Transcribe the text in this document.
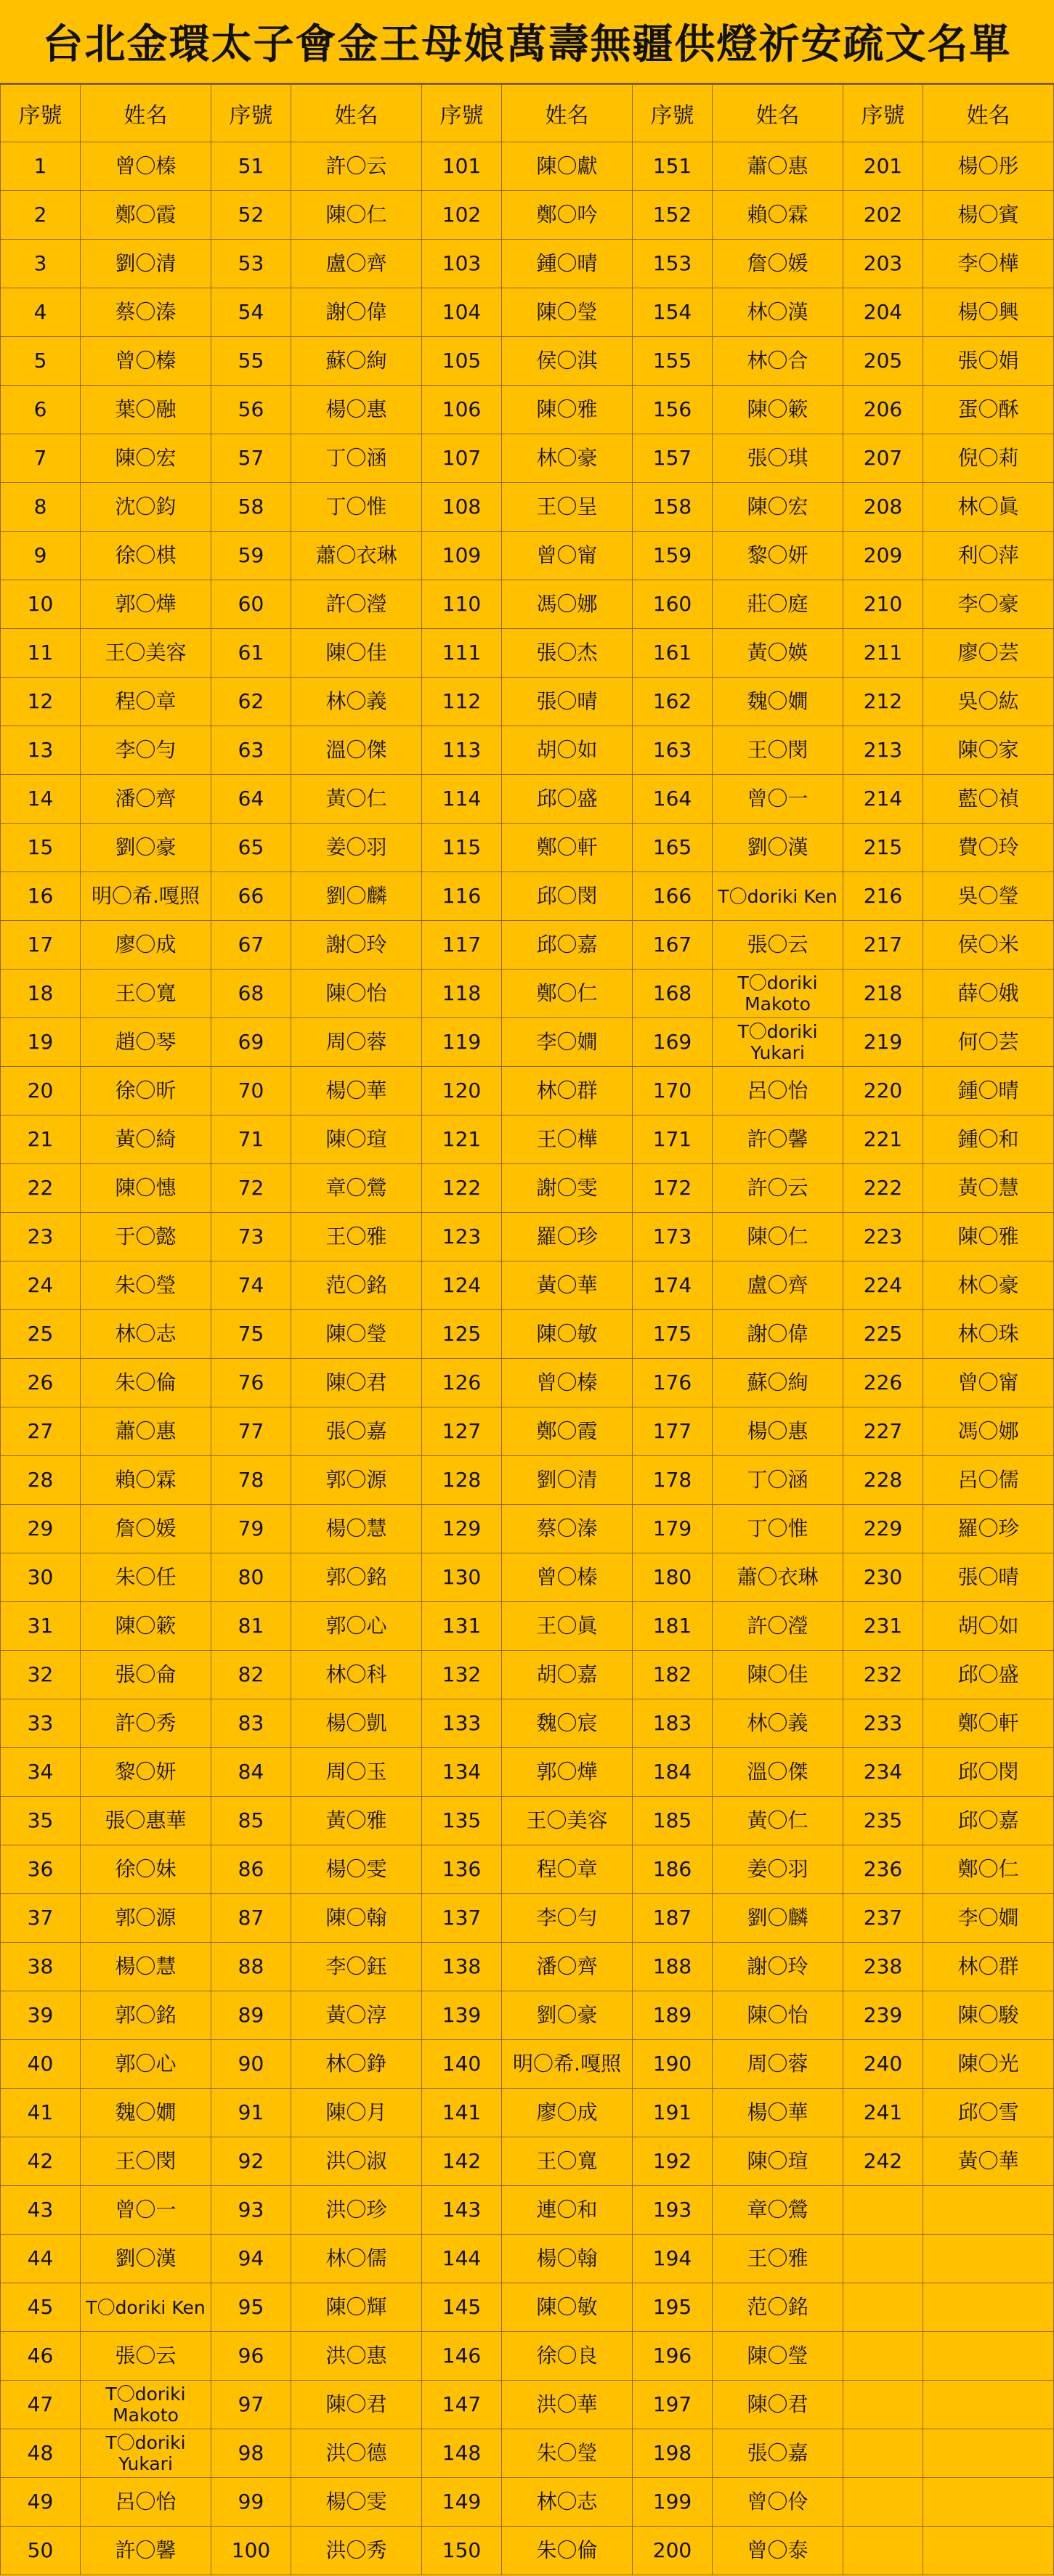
台北金環太子會金王母娘萬壽無疆供燈祈安疏文名單
序號	姓名	序號	姓名	序號	姓名	序號	姓名	序號	姓名
1	曾〇榛	51	許〇云	101	陳〇獻	151	蕭〇惠	201	楊〇彤
2	鄭〇霞	52	陳〇仁	102	鄭〇吟	152	賴〇霖	202	楊〇賓
3	劉〇清	53	盧〇齊	103	鍾〇晴	153	詹〇媛	203	李〇樺
4	蔡〇溱	54	謝〇偉	104	陳〇瑩	154	林〇漢	204	楊〇興
5	曾〇榛	55	蘇〇絢	105	侯〇淇	155	林〇合	205	張〇娟
6	葉〇融	56	楊〇惠	106	陳〇雅	156	陳〇簌	206	蛋〇酥
7	陳〇宏	57	丁〇涵	107	林〇豪	157	張〇琪	207	倪〇莉
8	沈〇鈞	58	丁〇惟	108	王〇呈	158	陳〇宏	208	林〇眞
9	徐〇棋	59	蕭〇衣琳	109	曾〇甯	159	黎〇妍	209	利〇萍
10	郭〇燁	60	許〇瀅	110	馮〇娜	160	莊〇庭	210	李〇豪
11	王〇美容	61	陳〇佳	111	張〇杰	161	黃〇媖	211	廖〇芸
12	程〇章	62	林〇義	112	張〇晴	162	魏〇嫺	212	吳〇紘
13	李〇勻	63	溫〇傑	113	胡〇如	163	王〇閔	213	陳〇家
14	潘〇齊	64	黃〇仁	114	邱〇盛	164	曾〇一	214	藍〇禎
15	劉〇豪	65	姜〇羽	115	鄭〇軒	165	劉〇漢	215	費〇玲
16	明〇希.嘎照	66	劉〇麟	116	邱〇閔	166	T〇doriki Ken	216	吳〇瑩
17	廖〇成	67	謝〇玲	117	邱〇嘉	167	張〇云	217	侯〇米
18	王〇寬	68	陳〇怡	118	鄭〇仁	168	T〇doriki Makoto	218	薛〇娥
19	趙〇琴	69	周〇蓉	119	李〇嫺	169	T〇doriki Yukari	219	何〇芸
20	徐〇昕	70	楊〇華	120	林〇群	170	呂〇怡	220	鍾〇晴
21	黃〇綺	71	陳〇瑄	121	王〇樺	171	許〇馨	221	鍾〇和
22	陳〇憓	72	章〇鶯	122	謝〇雯	172	許〇云	222	黃〇慧
23	于〇懿	73	王〇雅	123	羅〇珍	173	陳〇仁	223	陳〇雅
24	朱〇瑩	74	范〇銘	124	黃〇華	174	盧〇齊	224	林〇豪
25	林〇志	75	陳〇瑩	125	陳〇敏	175	謝〇偉	225	林〇珠
26	朱〇倫	76	陳〇君	126	曾〇榛	176	蘇〇絢	226	曾〇甯
27	蕭〇惠	77	張〇嘉	127	鄭〇霞	177	楊〇惠	227	馮〇娜
28	賴〇霖	78	郭〇源	128	劉〇清	178	丁〇涵	228	呂〇儒
29	詹〇媛	79	楊〇慧	129	蔡〇溱	179	丁〇惟	229	羅〇珍
30	朱〇任	80	郭〇銘	130	曾〇榛	180	蕭〇衣琳	230	張〇晴
31	陳〇簌	81	郭〇心	131	王〇眞	181	許〇瀅	231	胡〇如
32	張〇侖	82	林〇科	132	胡〇嘉	182	陳〇佳	232	邱〇盛
33	許〇秀	83	楊〇凱	133	魏〇宸	183	林〇義	233	鄭〇軒
34	黎〇妍	84	周〇玉	134	郭〇燁	184	溫〇傑	234	邱〇閔
35	張〇惠華	85	黃〇雅	135	王〇美容	185	黃〇仁	235	邱〇嘉
36	徐〇妹	86	楊〇雯	136	程〇章	186	姜〇羽	236	鄭〇仁
37	郭〇源	87	陳〇翰	137	李〇勻	187	劉〇麟	237	李〇嫺
38	楊〇慧	88	李〇鈺	138	潘〇齊	188	謝〇玲	238	林〇群
39	郭〇銘	89	黃〇淳	139	劉〇豪	189	陳〇怡	239	陳〇駿
40	郭〇心	90	林〇錚	140	明〇希.嘎照	190	周〇蓉	240	陳〇光
41	魏〇嫺	91	陳〇月	141	廖〇成	191	楊〇華	241	邱〇雪
42	王〇閔	92	洪〇淑	142	王〇寬	192	陳〇瑄	242	黃〇華
43	曾〇一	93	洪〇珍	143	連〇和	193	章〇鶯		
44	劉〇漢	94	林〇儒	144	楊〇翰	194	王〇雅		
45	T〇doriki Ken	95	陳〇輝	145	陳〇敏	195	范〇銘		
46	張〇云	96	洪〇惠	146	徐〇良	196	陳〇瑩		
47	T〇doriki Makoto	97	陳〇君	147	洪〇華	197	陳〇君		
48	T〇doriki Yukari	98	洪〇德	148	朱〇瑩	198	張〇嘉		
49	呂〇怡	99	楊〇雯	149	林〇志	199	曾〇伶		
50	許〇馨	100	洪〇秀	150	朱〇倫	200	曾〇泰		
